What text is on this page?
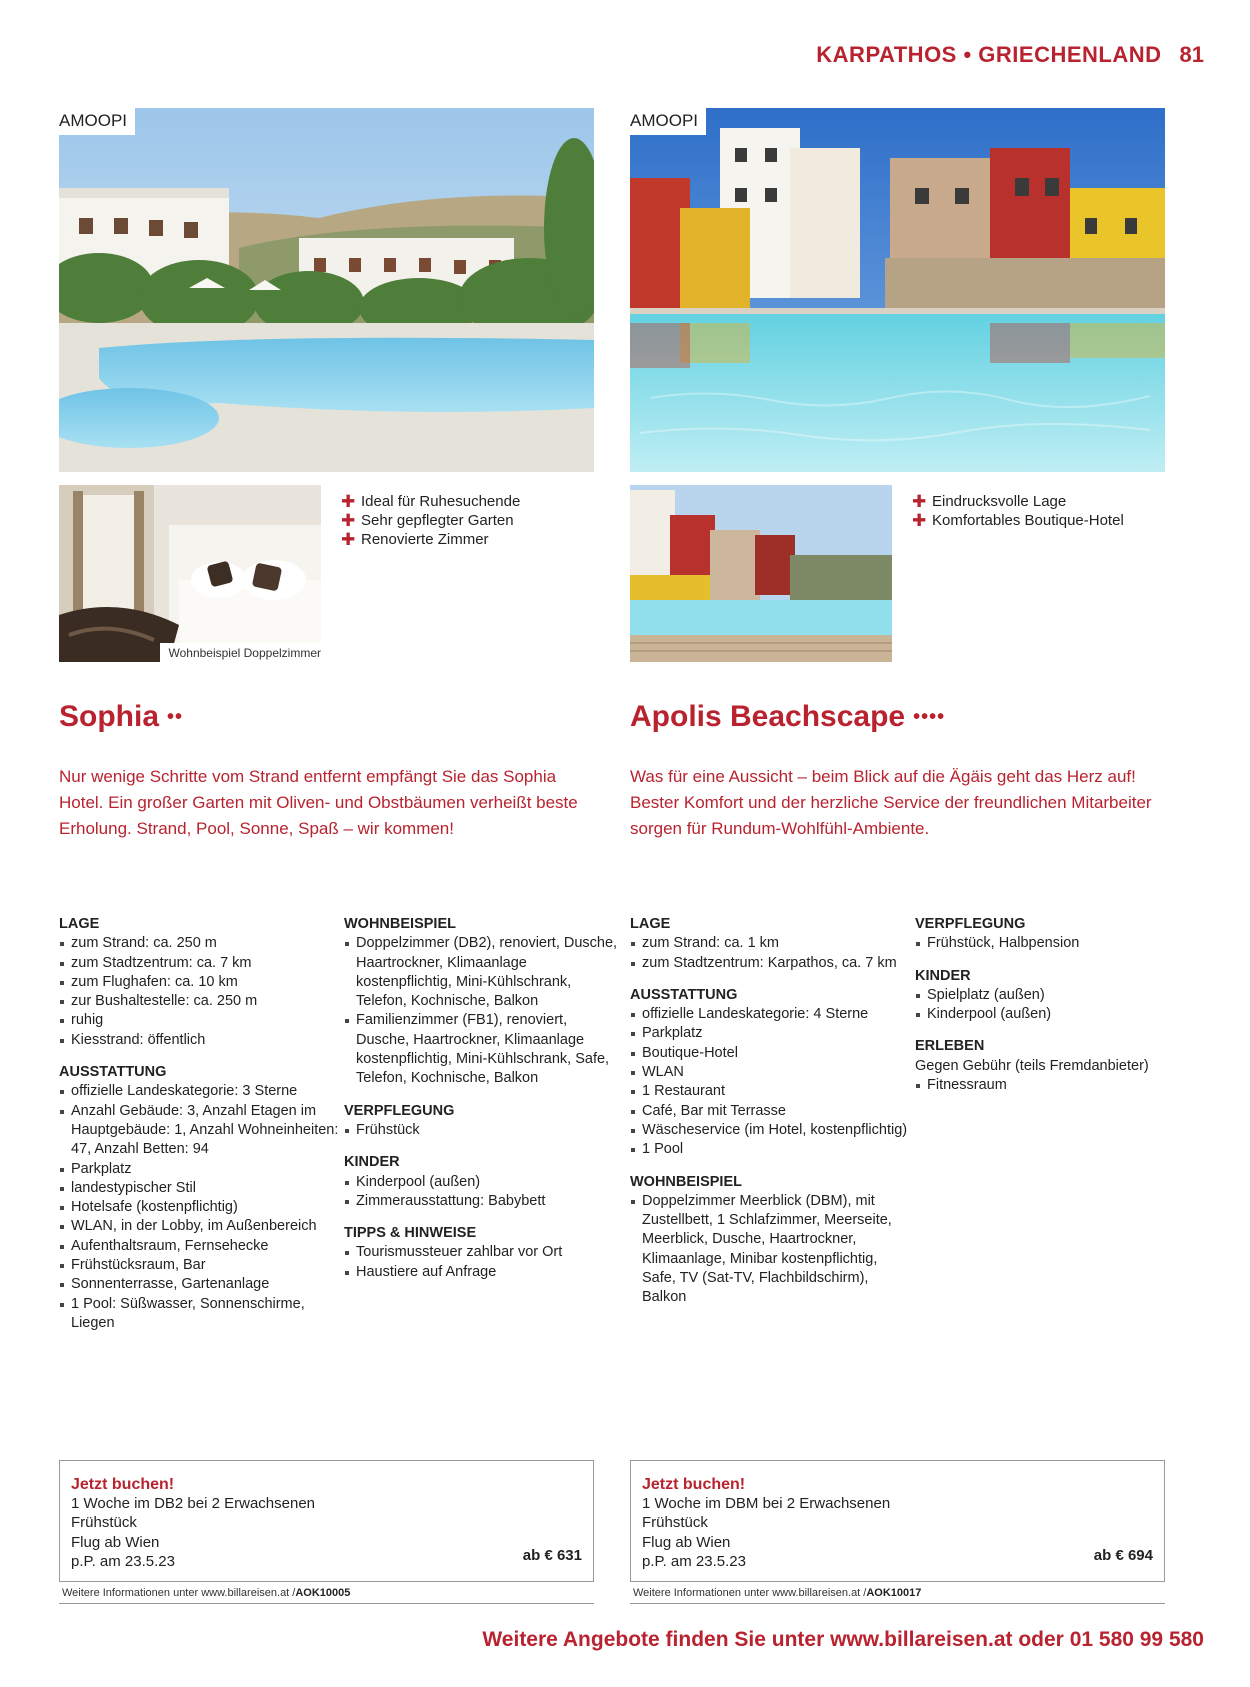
KARPATHOS • GRIECHENLAND 81
AMOOPI
Wohnbeispiel Doppelzimmer
✚ Ideal für Ruhesuchende
✚ Sehr gepflegter Garten
✚ Renovierte Zimmer
Sophia ••

Nur wenige Schritte vom Strand entfernt empfängt Sie das Sophia Hotel. Ein großer Garten mit Oliven- und Obstbäumen verheißt beste Erholung. Strand, Pool, Sonne, Spaß – wir kommen!

LAGE
zum Strand: ca. 250 m
zum Stadtzentrum: ca. 7 km
zum Flughafen: ca. 10 km
zur Bushaltestelle: ca. 250 m
ruhig
Kiesstrand: öffentlich
AUSSTATTUNG
offizielle Landeskategorie: 3 Sterne
Anzahl Gebäude: 3, Anzahl Etagen im Hauptgebäude: 1, Anzahl Wohneinheiten: 47, Anzahl Betten: 94
Parkplatz
landestypischer Stil
Hotelsafe (kostenpflichtig)
WLAN, in der Lobby, im Außenbereich
Aufenthaltsraum, Fernsehecke
Frühstücksraum, Bar
Sonnenterrasse, Gartenanlage
1 Pool: Süßwasser, Sonnenschirme, Liegen
WOHNBEISPIEL
Doppelzimmer (DB2), renoviert, Dusche, Haartrockner, Klimaanlage kostenpflichtig, Mini-Kühlschrank, Telefon, Kochnische, Balkon
Familienzimmer (FB1), renoviert, Dusche, Haartrockner, Klimaanlage kostenpflichtig, Mini-Kühlschrank, Safe, Telefon, Kochnische, Balkon
VERPFLEGUNG
Frühstück
KINDER
Kinderpool (außen)
Zimmerausstattung: Babybett
TIPPS & HINWEISE
Tourismussteuer zahlbar vor Ort
Haustiere auf Anfrage
Jetzt buchen!
1 Woche im DB2 bei 2 Erwachsenen
Frühstück
Flug ab Wien
p.P. am 23.5.23	ab € 631
Weitere Informationen unter www.billareisen.at /AOK10005
AMOOPI
✚ Eindrucksvolle Lage
✚ Komfortables Boutique-Hotel
Apolis Beachscape ••••

Was für eine Aussicht – beim Blick auf die Ägäis geht das Herz auf! Bester Komfort und der herzliche Service der freundlichen Mitarbeiter sorgen für Rundum-Wohlfühl-Ambiente.

LAGE
zum Strand: ca. 1 km
zum Stadtzentrum: Karpathos, ca. 7 km
AUSSTATTUNG
offizielle Landeskategorie: 4 Sterne
Parkplatz
Boutique-Hotel
WLAN
1 Restaurant
Café, Bar mit Terrasse
Wäscheservice (im Hotel, kostenpflichtig)
1 Pool
WOHNBEISPIEL
Doppelzimmer Meerblick (DBM), mit Zustellbett, 1 Schlafzimmer, Meerseite, Meerblick, Dusche, Haartrockner, Klimaanlage, Minibar kostenpflichtig, Safe, TV (Sat-TV, Flachbildschirm), Balkon
VERPFLEGUNG
Frühstück, Halbpension
KINDER
Spielplatz (außen)
Kinderpool (außen)
ERLEBEN
Gegen Gebühr (teils Fremdanbieter)
Fitnessraum
Jetzt buchen!
1 Woche im DBM bei 2 Erwachsenen
Frühstück
Flug ab Wien
p.P. am 23.5.23	ab € 694
Weitere Informationen unter www.billareisen.at /AOK10017
Weitere Angebote finden Sie unter www.billareisen.at oder 01 580 99 580
